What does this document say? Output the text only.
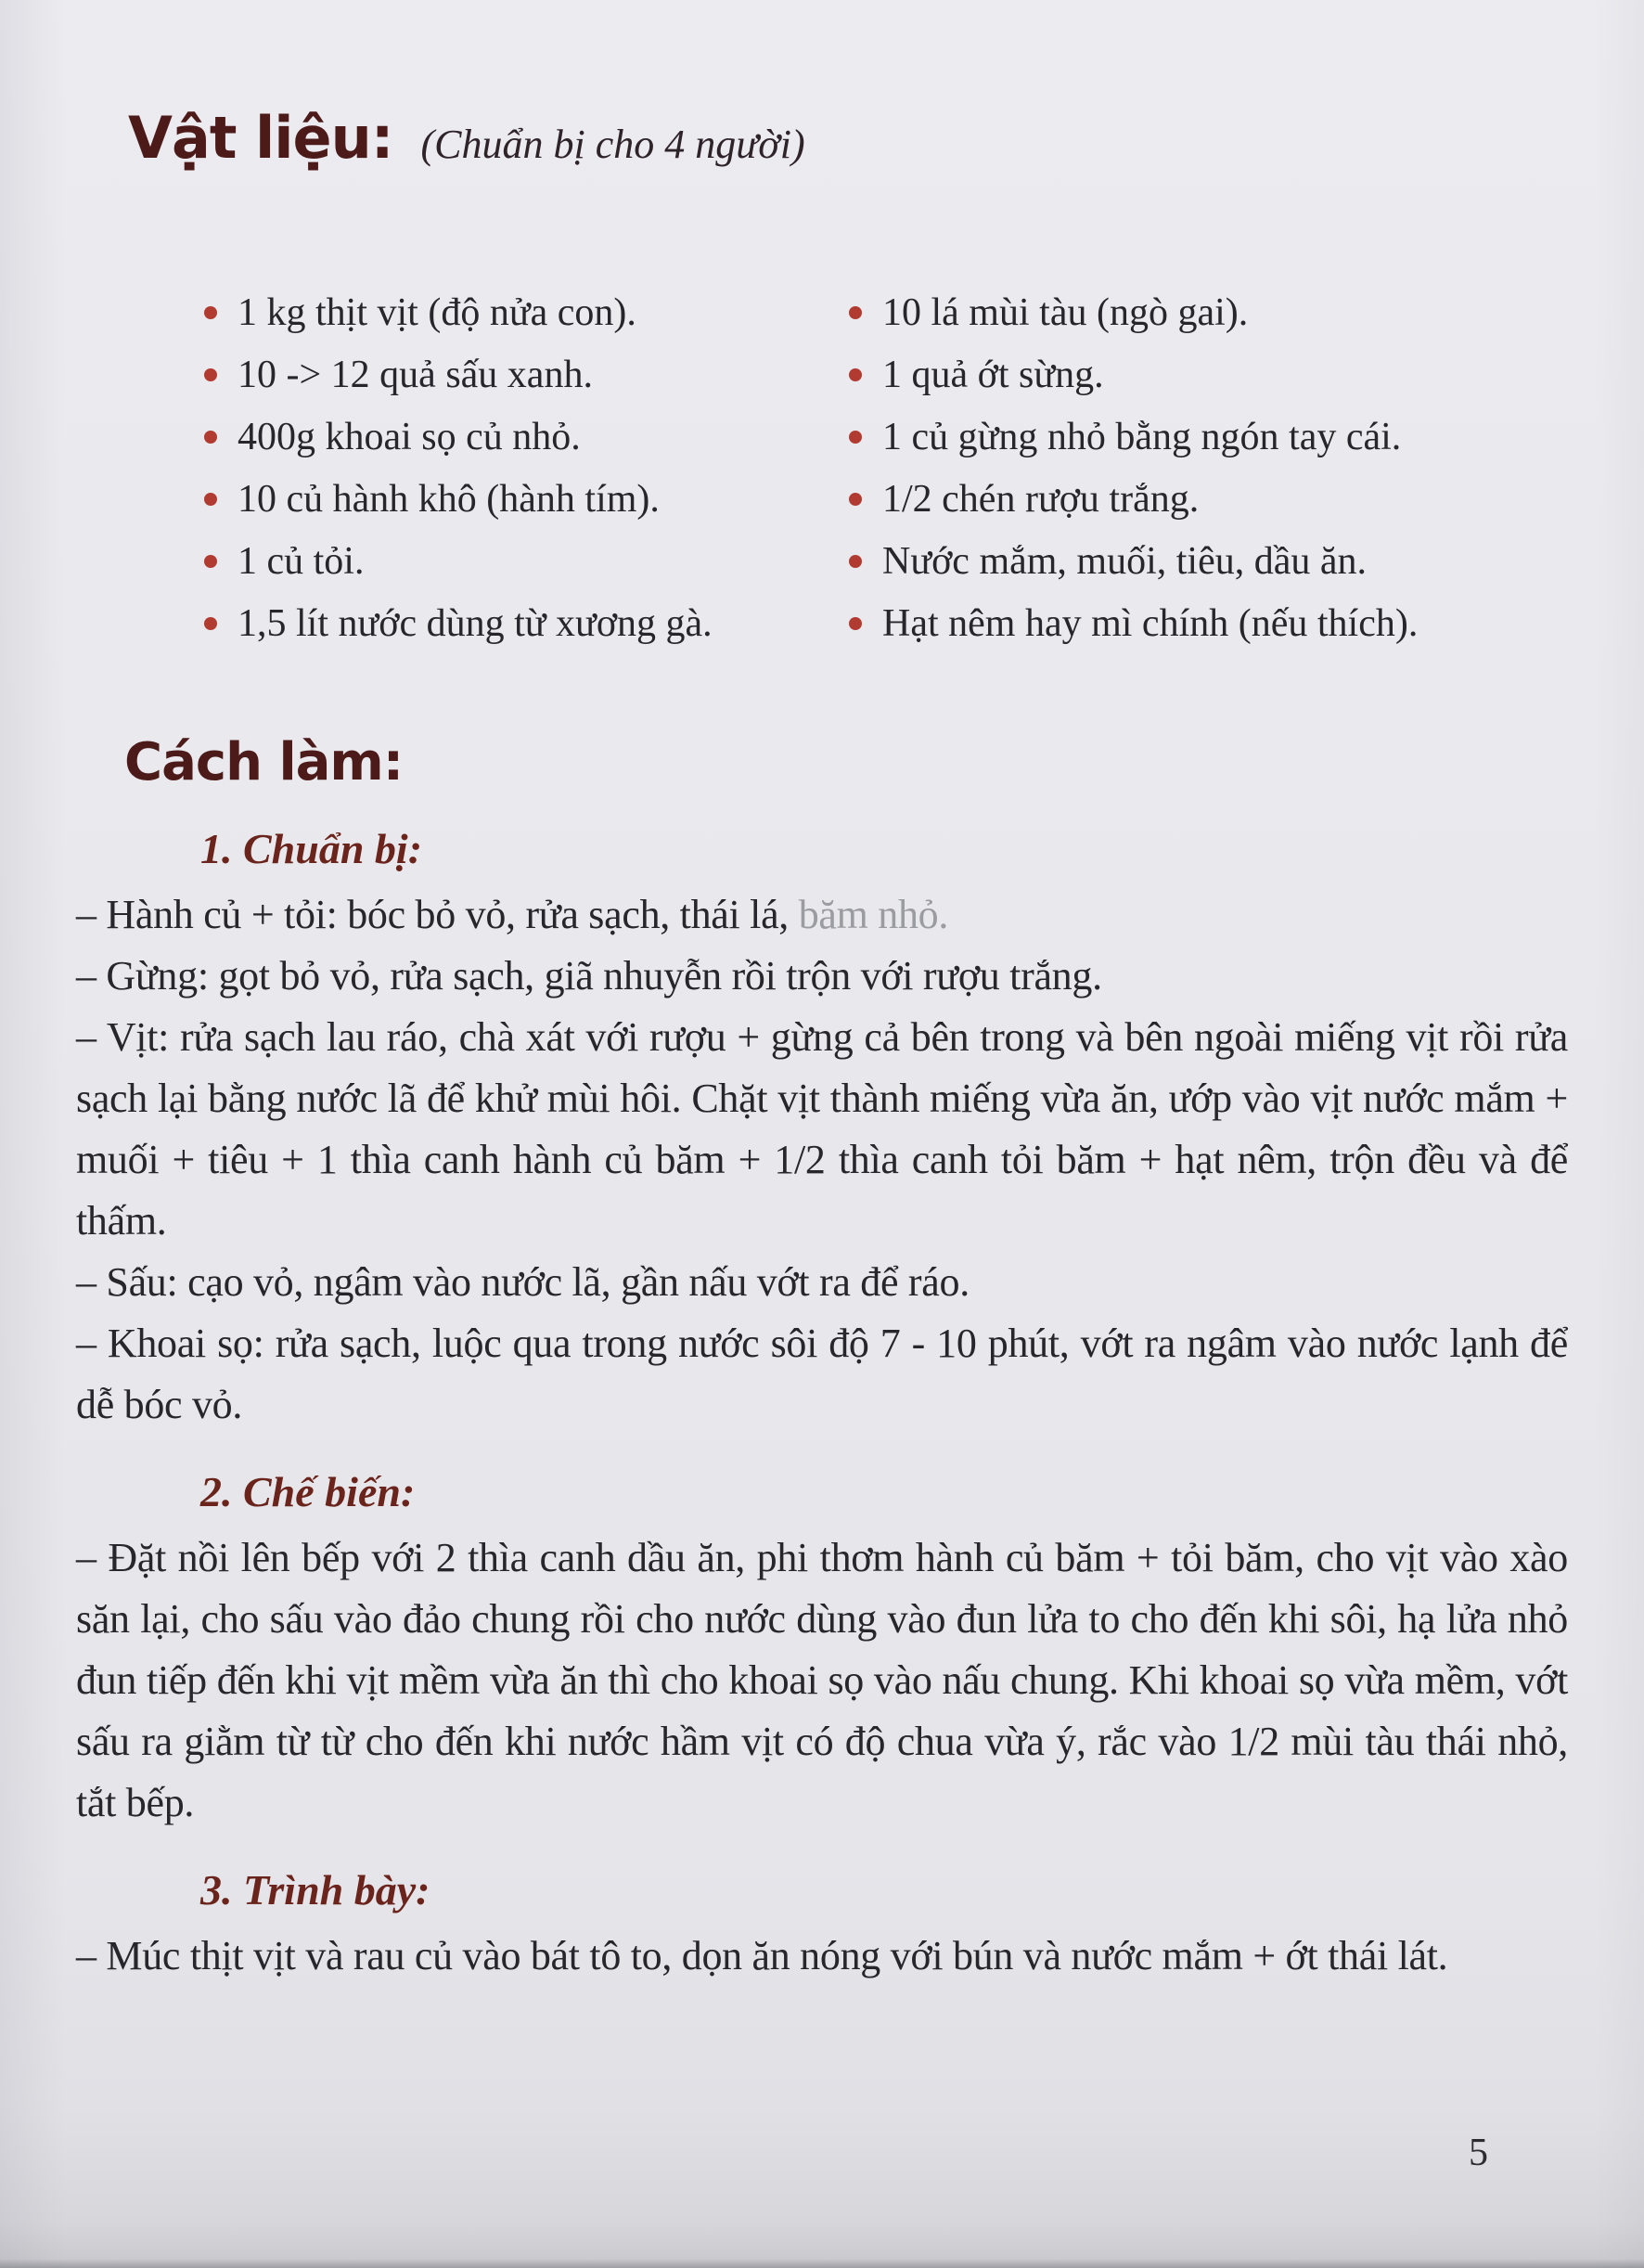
Vật liệu: (Chuẩn bị cho 4 người)
1 kg thịt vịt (độ nửa con).
10 -> 12 quả sấu xanh.
400g khoai sọ củ nhỏ.
10 củ hành khô (hành tím).
1 củ tỏi.
1,5 lít nước dùng từ xương gà.
10 lá mùi tàu (ngò gai).
1 quả ớt sừng.
1 củ gừng nhỏ bằng ngón tay cái.
1/2 chén rượu trắng.
Nước mắm, muối, tiêu, dầu ăn.
Hạt nêm hay mì chính (nếu thích).
Cách làm:
1. Chuẩn bị:

– Hành củ + tỏi: bóc bỏ vỏ, rửa sạch, thái lá, băm nhỏ.

– Gừng: gọt bỏ vỏ, rửa sạch, giã nhuyễn rồi trộn với rượu trắng.

– Vịt: rửa sạch lau ráo, chà xát với rượu + gừng cả bên trong và bên ngoài miếng vịt rồi rửa sạch lại bằng nước lã để khử mùi hôi. Chặt vịt thành miếng vừa ăn, ướp vào vịt nước mắm + muối + tiêu + 1 thìa canh hành củ băm + 1/2 thìa canh tỏi băm + hạt nêm, trộn đều và để thấm.

– Sấu: cạo vỏ, ngâm vào nước lã, gần nấu vớt ra để ráo.

– Khoai sọ: rửa sạch, luộc qua trong nước sôi độ 7 - 10 phút, vớt ra ngâm vào nước lạnh để dễ bóc vỏ.

2. Chế biến:

– Đặt nồi lên bếp với 2 thìa canh dầu ăn, phi thơm hành củ băm + tỏi băm, cho vịt vào xào săn lại, cho sấu vào đảo chung rồi cho nước dùng vào đun lửa to cho đến khi sôi, hạ lửa nhỏ đun tiếp đến khi vịt mềm vừa ăn thì cho khoai sọ vào nấu chung. Khi khoai sọ vừa mềm, vớt sấu ra giằm từ từ cho đến khi nước hầm vịt có độ chua vừa ý, rắc vào 1/2 mùi tàu thái nhỏ, tắt bếp.

3. Trình bày:

– Múc thịt vịt và rau củ vào bát tô to, dọn ăn nóng với bún và nước mắm + ớt thái lát.

5
